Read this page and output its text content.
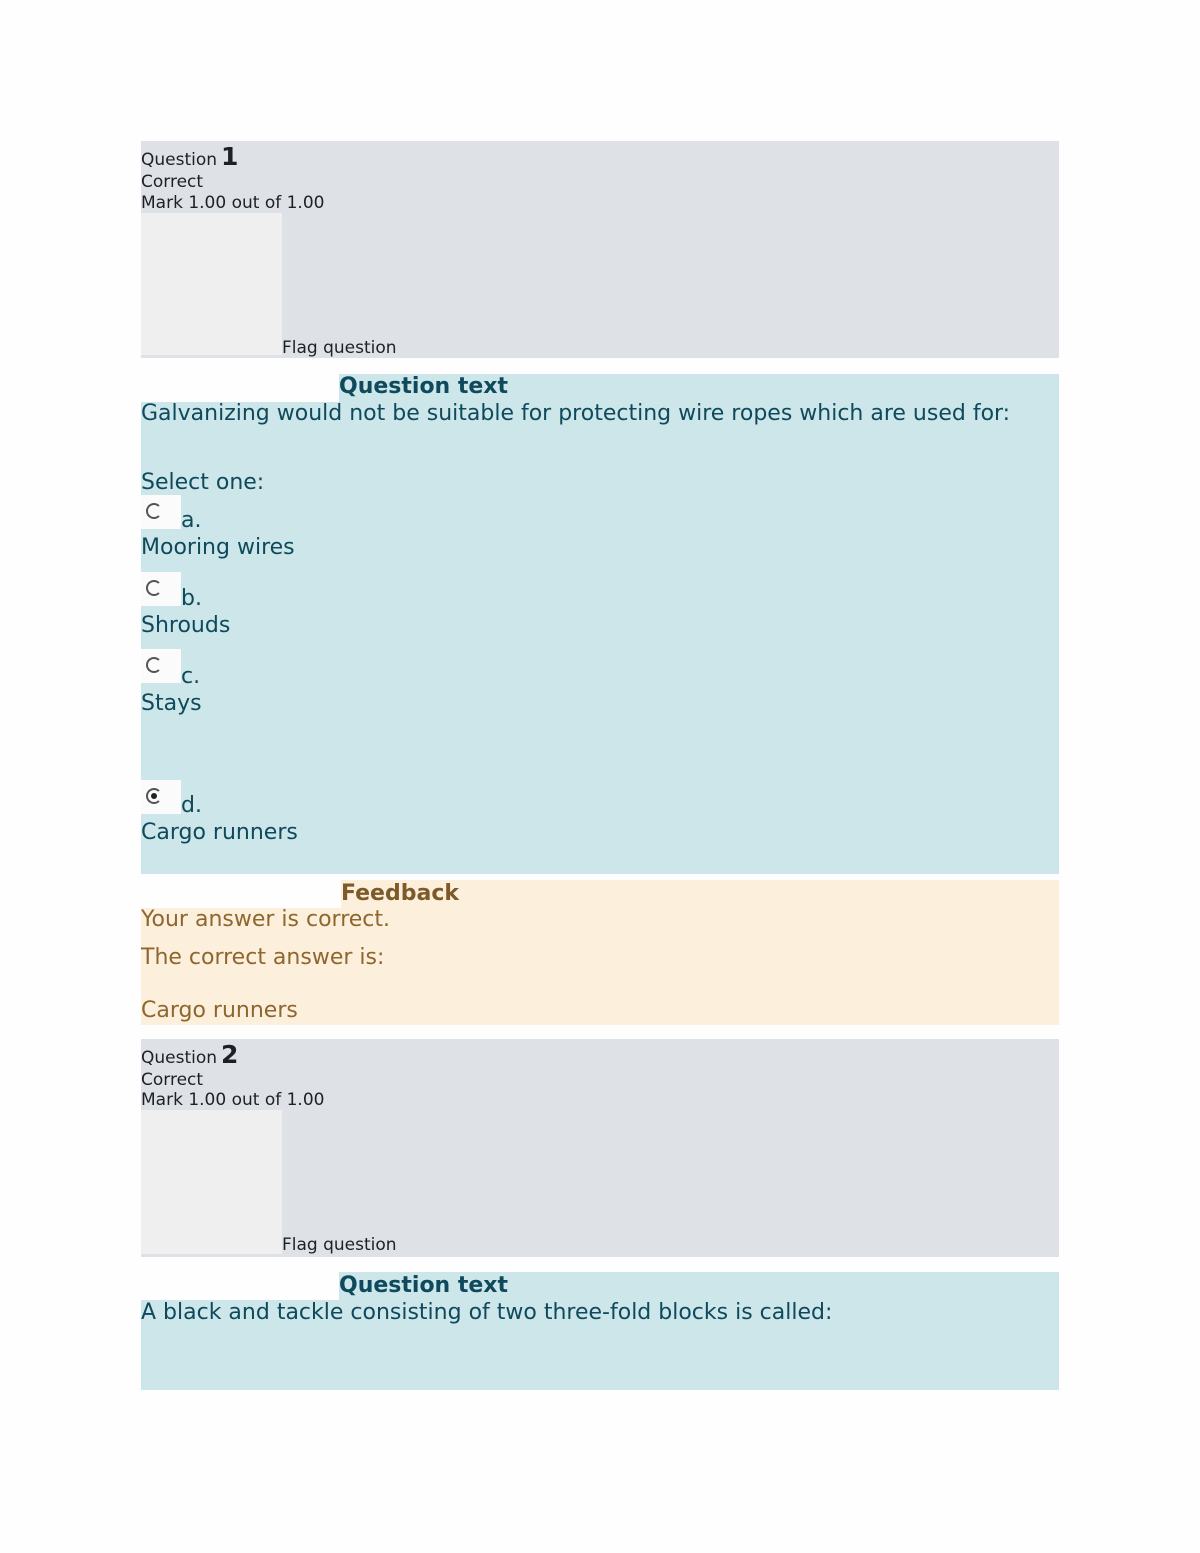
Question 1
Correct
Mark 1.00 out of 1.00
Flag question
Question text
Galvanizing would not be suitable for protecting wire ropes which are used for:
Select one:
a.
Mooring wires
b.
Shrouds
c.
Stays
d.
Cargo runners
Feedback
Your answer is correct.
The correct answer is:
Cargo runners
Question 2
Correct
Mark 1.00 out of 1.00
Flag question
Question text
A black and tackle consisting of two three-fold blocks is called:
